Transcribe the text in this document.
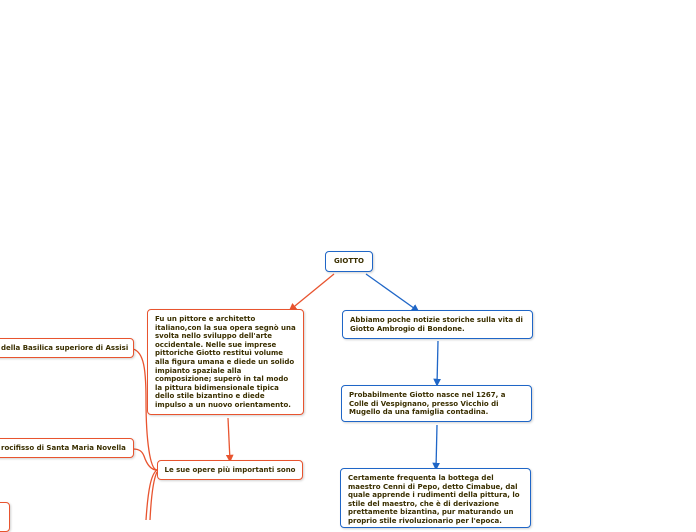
GIOTTO
Fu un pittore e architetto italiano,con la sua opera segnò una svolta nello sviluppo dell'arte occidentale. Nelle sue imprese pittoriche Giotto restituì volume alla figura umana e diede un solido impianto spaziale alla composizione; superò in tal modo la pittura bidimensionale tipica dello stile bizantino e diede impulso a un nuovo orientamento.
Le sue opere più importanti sono
della Basilica superiore di Assisi
rocifisso di Santa Maria Novella
Abbiamo poche notizie storiche sulla vita di Giotto Ambrogio di Bondone.
Probabilmente Giotto nasce nel 1267, a Colle di Vespignano, presso Vicchio di Mugello da una famiglia contadina.
Certamente frequenta la bottega del maestro Cenni di Pepo, detto Cimabue, dal quale apprende i rudimenti della pittura, lo stile del maestro, che è di derivazione prettamente bizantina, pur maturando un proprio stile rivoluzionario per l'epoca.
